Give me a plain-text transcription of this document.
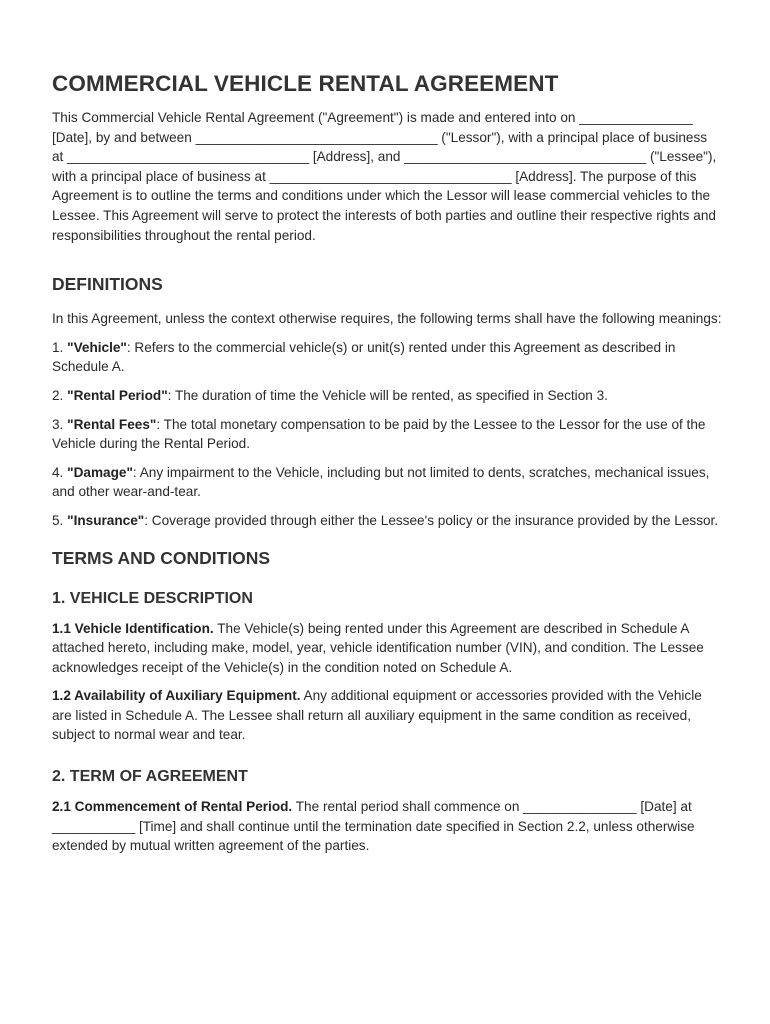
COMMERCIAL VEHICLE RENTAL AGREEMENT

This Commercial Vehicle Rental Agreement ("Agreement") is made and entered into on _______________ [Date], by and between ________________________________ ("Lessor"), with a principal place of business at ________________________________ [Address], and ________________________________ ("Lessee"), with a principal place of business at ________________________________ [Address]. The purpose of this Agreement is to outline the terms and conditions under which the Lessor will lease commercial vehicles to the Lessee. This Agreement will serve to protect the interests of both parties and outline their respective rights and responsibilities throughout the rental period.

DEFINITIONS

In this Agreement, unless the context otherwise requires, the following terms shall have the following meanings:

1. "Vehicle": Refers to the commercial vehicle(s) or unit(s) rented under this Agreement as described in Schedule A.

2. "Rental Period": The duration of time the Vehicle will be rented, as specified in Section 3.

3. "Rental Fees": The total monetary compensation to be paid by the Lessee to the Lessor for the use of the Vehicle during the Rental Period.

4. "Damage": Any impairment to the Vehicle, including but not limited to dents, scratches, mechanical issues, and other wear-and-tear.

5. "Insurance": Coverage provided through either the Lessee's policy or the insurance provided by the Lessor.

TERMS AND CONDITIONS
1. VEHICLE DESCRIPTION

1.1 Vehicle Identification. The Vehicle(s) being rented under this Agreement are described in Schedule A attached hereto, including make, model, year, vehicle identification number (VIN), and condition. The Lessee acknowledges receipt of the Vehicle(s) in the condition noted on Schedule A.

1.2 Availability of Auxiliary Equipment. Any additional equipment or accessories provided with the Vehicle are listed in Schedule A. The Lessee shall return all auxiliary equipment in the same condition as received, subject to normal wear and tear.

2. TERM OF AGREEMENT

2.1 Commencement of Rental Period. The rental period shall commence on _______________ [Date] at ___________ [Time] and shall continue until the termination date specified in Section 2.2, unless otherwise extended by mutual written agreement of the parties.
